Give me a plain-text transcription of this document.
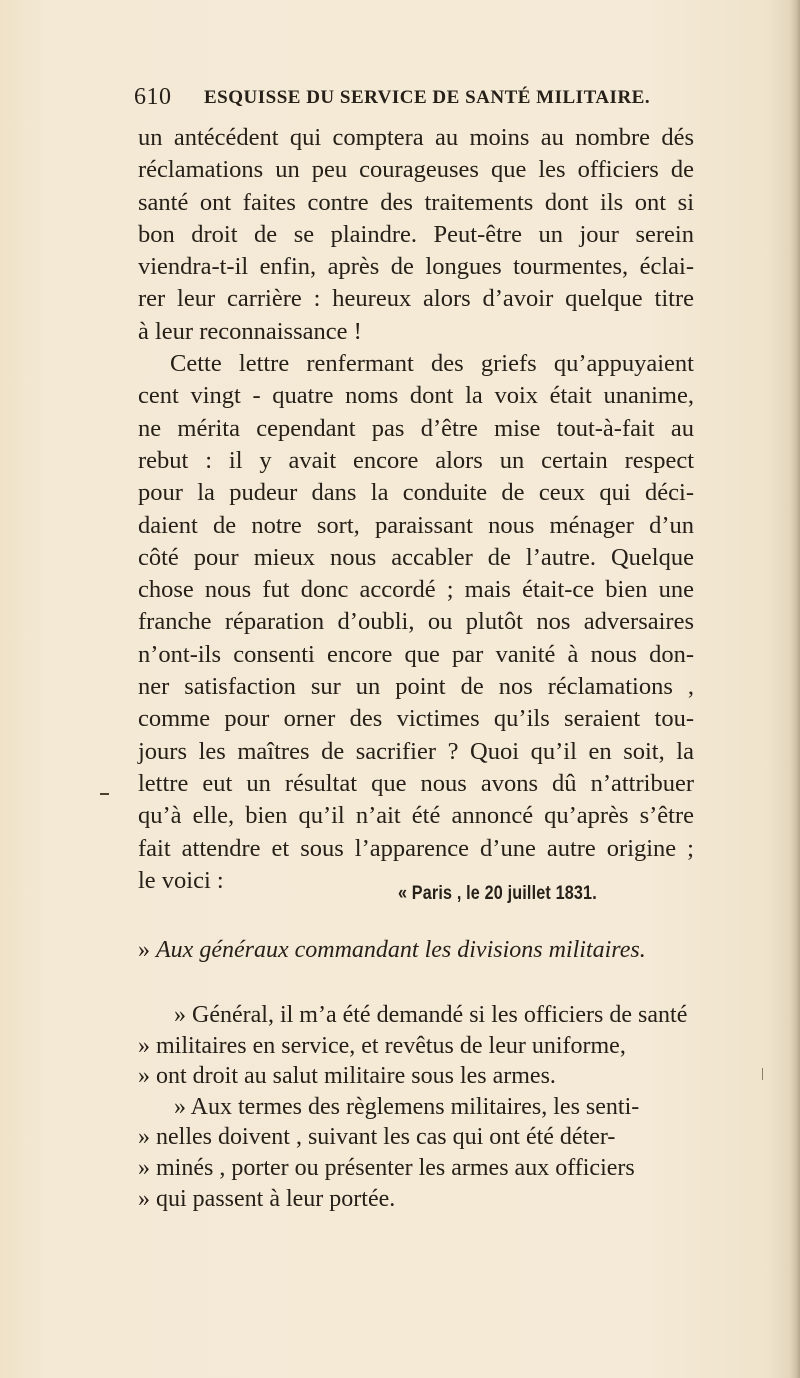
610 ESQUISSE DU SERVICE DE SANTÉ MILITAIRE.
un antécédent qui comptera au moins au nombre dés
réclamations un peu courageuses que les officiers de
santé ont faites contre des traitements dont ils ont si
bon droit de se plaindre. Peut-être un jour serein
viendra-t-il enfin, après de longues tourmentes, éclai-
rer leur carrière : heureux alors d’avoir quelque titre
à leur reconnaissance !
Cette lettre renfermant des griefs qu’appuyaient
cent vingt - quatre noms dont la voix était unanime,
ne mérita cependant pas d’être mise tout-à-fait au
rebut : il y avait encore alors un certain respect
pour la pudeur dans la conduite de ceux qui déci-
daient de notre sort, paraissant nous ménager d’un
côté pour mieux nous accabler de l’autre. Quelque
chose nous fut donc accordé ; mais était-ce bien une
franche réparation d’oubli, ou plutôt nos adversaires
n’ont-ils consenti encore que par vanité à nous don-
ner satisfaction sur un point de nos réclamations ,
comme pour orner des victimes qu’ils seraient tou-
jours les maîtres de sacrifier ? Quoi qu’il en soit, la
lettre eut un résultat que nous avons dû n’attribuer
qu’à elle, bien qu’il n’ait été annoncé qu’après s’être
fait attendre et sous l’apparence d’une autre origine ;
le voici :	« Paris , le 20 juillet 1831.
» Aux généraux commandant les divisions militaires.
» Général, il m’a été demandé si les officiers de santé
» militaires en service, et revêtus de leur uniforme,
» ont droit au salut militaire sous les armes.
» Aux termes des règlemens militaires, les senti-
» nelles doivent , suivant les cas qui ont été déter-
» minés , porter ou présenter les armes aux officiers
» qui passent à leur portée.
